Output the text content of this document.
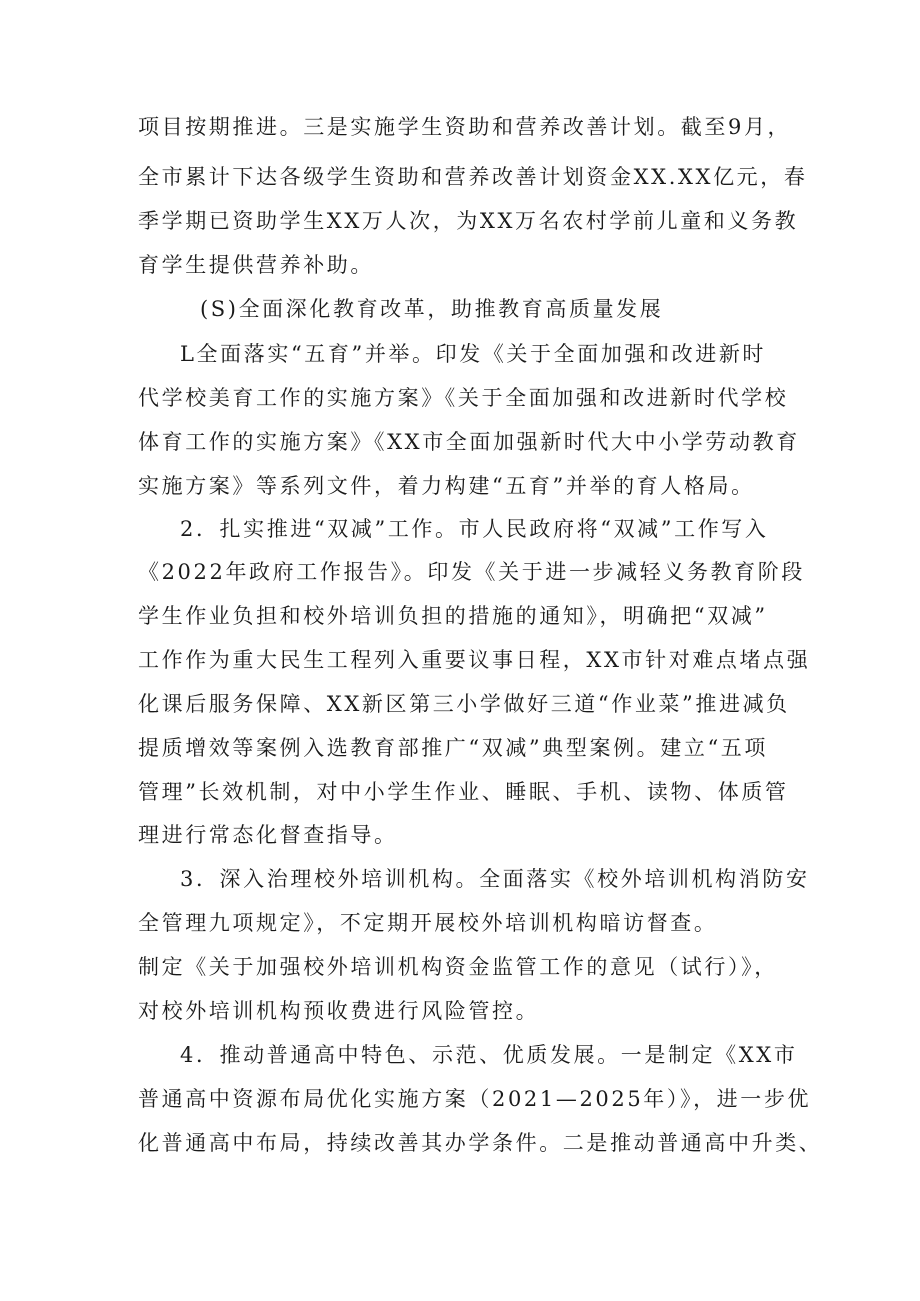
项目按期推进。三是实施学生资助和营养改善计划。截至9月，
全市累计下达各级学生资助和营养改善计划资金XX.XX亿元，春
季学期已资助学生XX万人次，为XX万名农村学前儿童和义务教
育学生提供营养补助。
(S)全面深化教育改革，助推教育高质量发展
L全面落实“五育”并举。印发《关于全面加强和改进新时
代学校美育工作的实施方案》《关于全面加强和改进新时代学校
体育工作的实施方案》《XX市全面加强新时代大中小学劳动教育
实施方案》等系列文件，着力构建“五育”并举的育人格局。
2．扎实推进“双减”工作。市人民政府将“双减”工作写入
《2022年政府工作报告》。印发《关于进一步减轻义务教育阶段
学生作业负担和校外培训负担的措施的通知》，明确把“双减”
工作作为重大民生工程列入重要议事日程，XX市针对难点堵点强
化课后服务保障、XX新区第三小学做好三道“作业菜”推进减负
提质增效等案例入选教育部推广“双减”典型案例。建立“五项
管理”长效机制，对中小学生作业、睡眠、手机、读物、体质管
理进行常态化督查指导。
3．深入治理校外培训机构。全面落实《校外培训机构消防安
全管理九项规定》，不定期开展校外培训机构暗访督查。
制定《关于加强校外培训机构资金监管工作的意见（试行）》，
对校外培训机构预收费进行风险管控。
4．推动普通高中特色、示范、优质发展。一是制定《XX市
普通高中资源布局优化实施方案（2021—2025年）》，进一步优
化普通高中布局，持续改善其办学条件。二是推动普通高中升类、
